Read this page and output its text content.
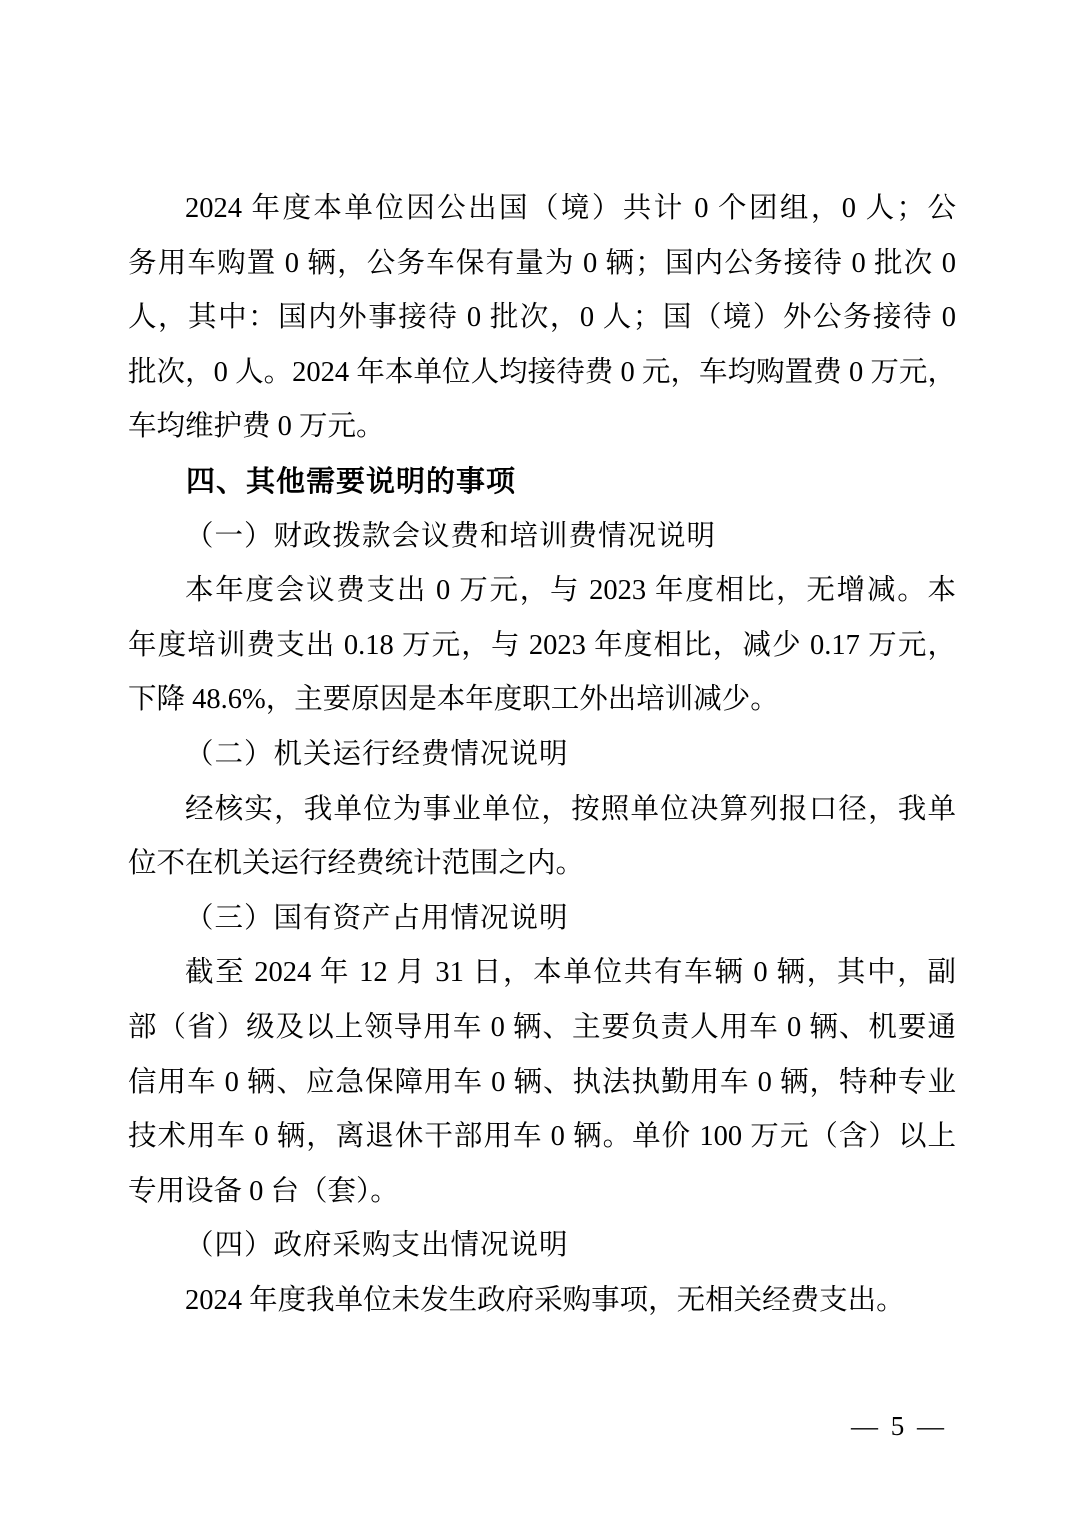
2024 年度本单位因公出国（境）共计 0 个团组，0 人；公
务用车购置 0 辆，公务车保有量为 0 辆；国内公务接待 0 批次 0
人，其中：国内外事接待 0 批次，0 人；国（境）外公务接待 0
批次，0 人。2024 年本单位人均接待费 0 元，车均购置费 0 万元，
车均维护费 0 万元。
四、其他需要说明的事项
（一）财政拨款会议费和培训费情况说明
本年度会议费支出 0 万元，与 2023 年度相比，无增减。本
年度培训费支出 0.18 万元，与 2023 年度相比，减少 0.17 万元，
下降 48.6%，主要原因是本年度职工外出培训减少。
（二）机关运行经费情况说明
经核实，我单位为事业单位，按照单位决算列报口径，我单
位不在机关运行经费统计范围之内。
（三）国有资产占用情况说明
截至 2024 年 12 月 31 日，本单位共有车辆 0 辆，其中，副
部（省）级及以上领导用车 0 辆、主要负责人用车 0 辆、机要通
信用车 0 辆、应急保障用车 0 辆、执法执勤用车 0 辆，特种专业
技术用车 0 辆，离退休干部用车 0 辆。单价 100 万元（含）以上
专用设备 0 台（套）。
（四）政府采购支出情况说明
2024 年度我单位未发生政府采购事项，无相关经费支出。
— 5 —
